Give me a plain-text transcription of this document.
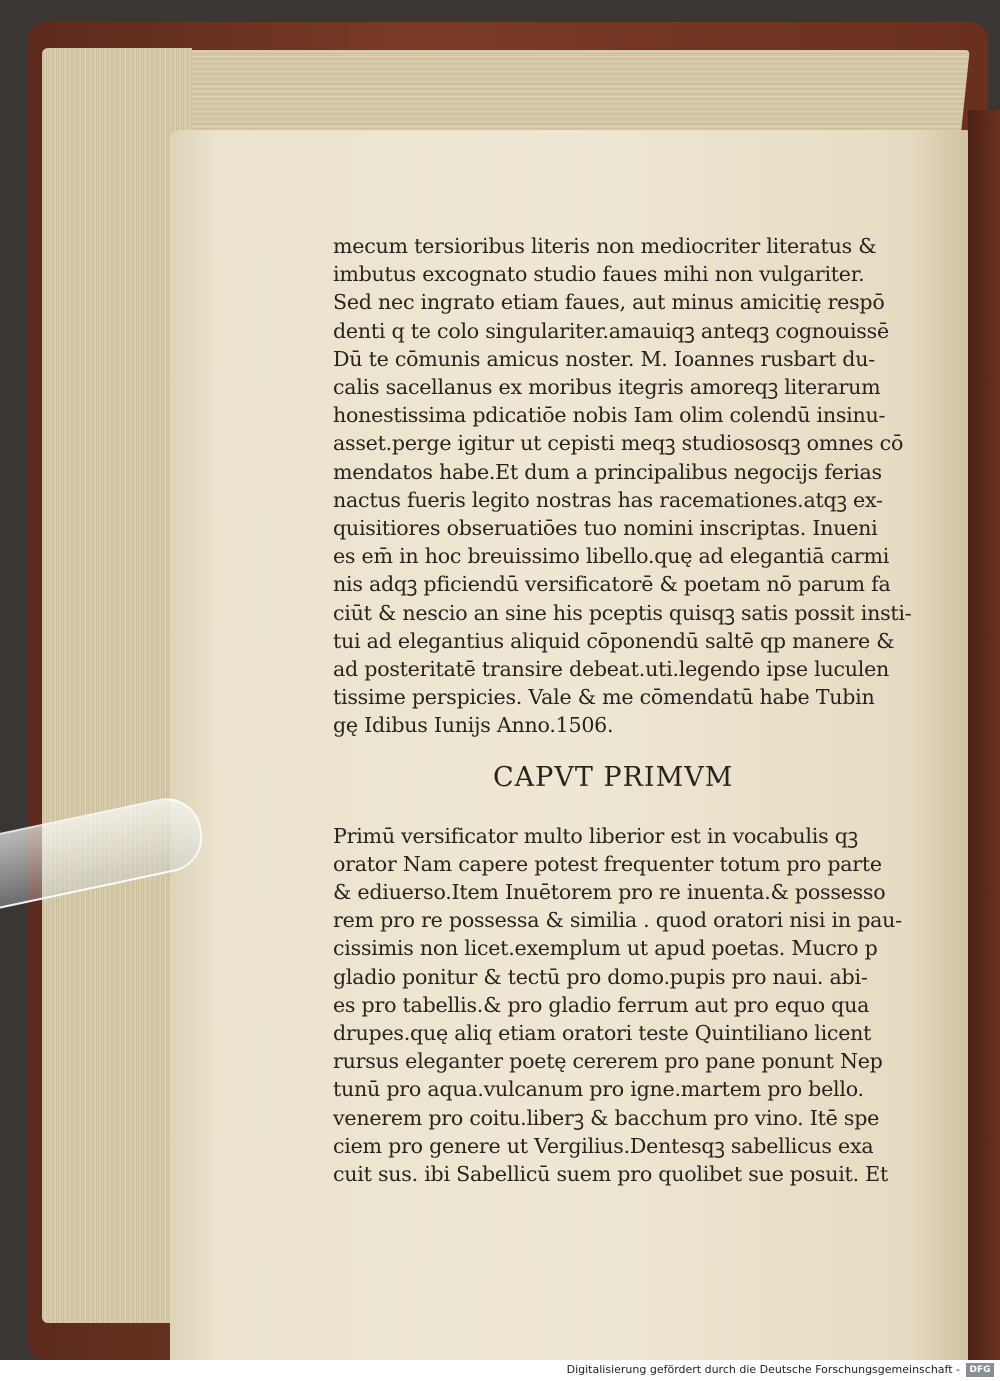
mecum tersioribus literis non mediocriter literatus &
imbutus excognato studio faues mihi non vulgariter.
Sed nec ingrato etiam faues, aut minus amicitię respō
denti q te colo singulariter.amauiqꝫ anteqꝫ cognouissē
Dū te cōmunis amicus noster. M. Ioannes rusbart du-
calis sacellanus ex moribus itegris amoreqꝫ literarum
honestissima pdicatiōe nobis Iam olim colendū insinu-
asset.perge igitur ut cepisti meqꝫ studiososqꝫ omnes cō
mendatos habe.Et dum a principalibus negocijs ferias
nactus fueris legito nostras has racemationes.atqꝫ ex-
quisitiores obseruatiōes tuo nomini inscriptas. Inueni
es em̄ in hoc breuissimo libello.quę ad elegantiā carmi
nis adqꝫ pficiendū versificatorē & poetam nō parum fa
ciūt & nescio an sine his pceptis quisqꝫ satis possit insti-
tui ad elegantius aliquid cōponendū saltē qp manere &
ad posteritatē transire debeat.uti.legendo ipse luculen
tissime perspicies. Vale & me cōmendatū habe Tubin
gę Idibus Iunijs Anno.1506.
CAPVT PRIMVM
Primū versificator multo liberior est in vocabulis qꝫ
orator Nam capere potest frequenter totum pro parte
& ediuerso.Item Inuētorem pro re inuenta.& possesso
rem pro re possessa & similia . quod oratori nisi in pau-
cissimis non licet.exemplum ut apud poetas. Mucro p
gladio ponitur & tectū pro domo.pupis pro naui. abi-
es pro tabellis.& pro gladio ferrum aut pro equo qua
drupes.quę aliq etiam oratori teste Quintiliano licent
rursus eleganter poetę cererem pro pane ponunt Nep
tunū pro aqua.vulcanum pro igne.martem pro bello.
venerem pro coitu.liberꝫ & bacchum pro vino. Itē spe
ciem pro genere ut Vergilius.Dentesqꝫ sabellicus exa
cuit sus. ibi Sabellicū suem pro quolibet sue posuit. Et
Digitalisierung gefördert durch die Deutsche Forschungsgemeinschaft -	DFG
